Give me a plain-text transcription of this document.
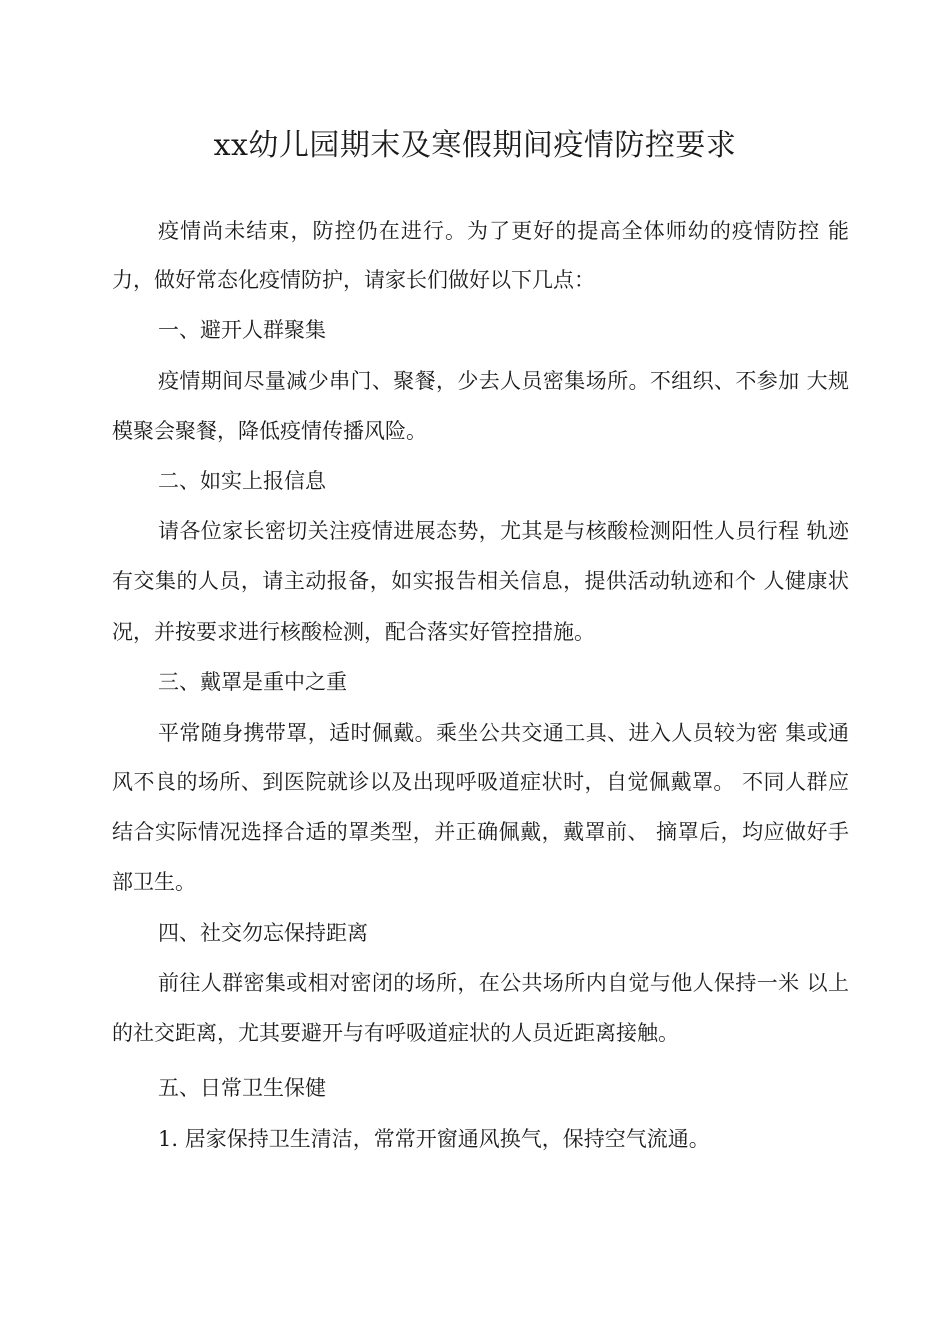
xx幼儿园期末及寒假期间疫情防控要求
疫情尚未结束，防控仍在进行。为了更好的提高全体师幼的疫情防控 能
力，做好常态化疫情防护，请家长们做好以下几点：
一、避开人群聚集
疫情期间尽量减少串门、聚餐，少去人员密集场所。不组织、不参加 大规
模聚会聚餐，降低疫情传播风险。
二、如实上报信息
请各位家长密切关注疫情进展态势，尤其是与核酸检测阳性人员行程 轨迹
有交集的人员，请主动报备，如实报告相关信息，提供活动轨迹和个 人健康状
况，并按要求进行核酸检测，配合落实好管控措施。
三、戴罩是重中之重
平常随身携带罩，适时佩戴。乘坐公共交通工具、进入人员较为密 集或通
风不良的场所、到医院就诊以及出现呼吸道症状时，自觉佩戴罩。 不同人群应
结合实际情况选择合适的罩类型，并正确佩戴，戴罩前、 摘罩后，均应做好手
部卫生。
四、社交勿忘保持距离
前往人群密集或相对密闭的场所，在公共场所内自觉与他人保持一米 以上
的社交距离，尤其要避开与有呼吸道症状的人员近距离接触。
五、日常卫生保健
1. 居家保持卫生清洁，常常开窗通风换气，保持空气流通。
